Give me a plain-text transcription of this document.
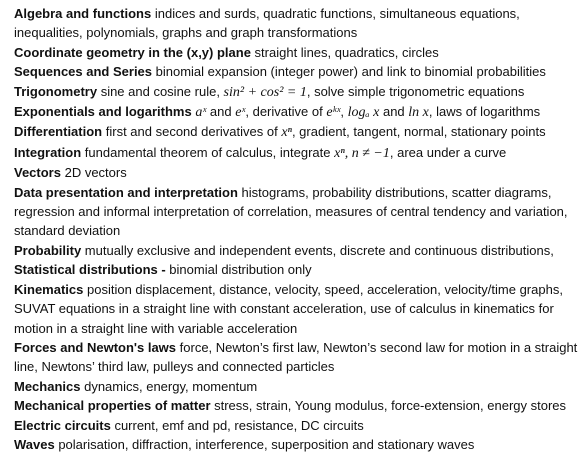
Algebra and functions indices and surds, quadratic functions, simultaneous equations, inequalities, polynomials, graphs and graph transformations

Coordinate geometry in the (x,y) plane straight lines, quadratics, circles

Sequences and Series binomial expansion (integer power) and link to binomial probabilities

Trigonometry sine and cosine rule, sin² + cos² = 1, solve simple trigonometric equations

Exponentials and logarithms aˣ and eˣ, derivative of eᵏˣ, logₐ x and ln x, laws of logarithms

Differentiation first and second derivatives of xⁿ, gradient, tangent, normal, stationary points

Integration fundamental theorem of calculus, integrate xⁿ, n ≠ −1, area under a curve

Vectors 2D vectors

Data presentation and interpretation histograms, probability distributions, scatter diagrams, regression and informal interpretation of correlation, measures of central tendency and variation, standard deviation

Probability mutually exclusive and independent events, discrete and continuous distributions,

Statistical distributions - binomial distribution only

Kinematics position displacement, distance, velocity, speed, acceleration, velocity/time graphs, SUVAT equations in a straight line with constant acceleration, use of calculus in kinematics for motion in a straight line with variable acceleration

Forces and Newton's laws force, Newton’s first law, Newton’s second law for motion in a straight line, Newtons’ third law, pulleys and connected particles

Mechanics dynamics, energy, momentum

Mechanical properties of matter stress, strain, Young modulus, force-extension, energy stores

Electric circuits current, emf and pd, resistance, DC circuits

Waves polarisation, diffraction, interference, superposition and stationary waves
